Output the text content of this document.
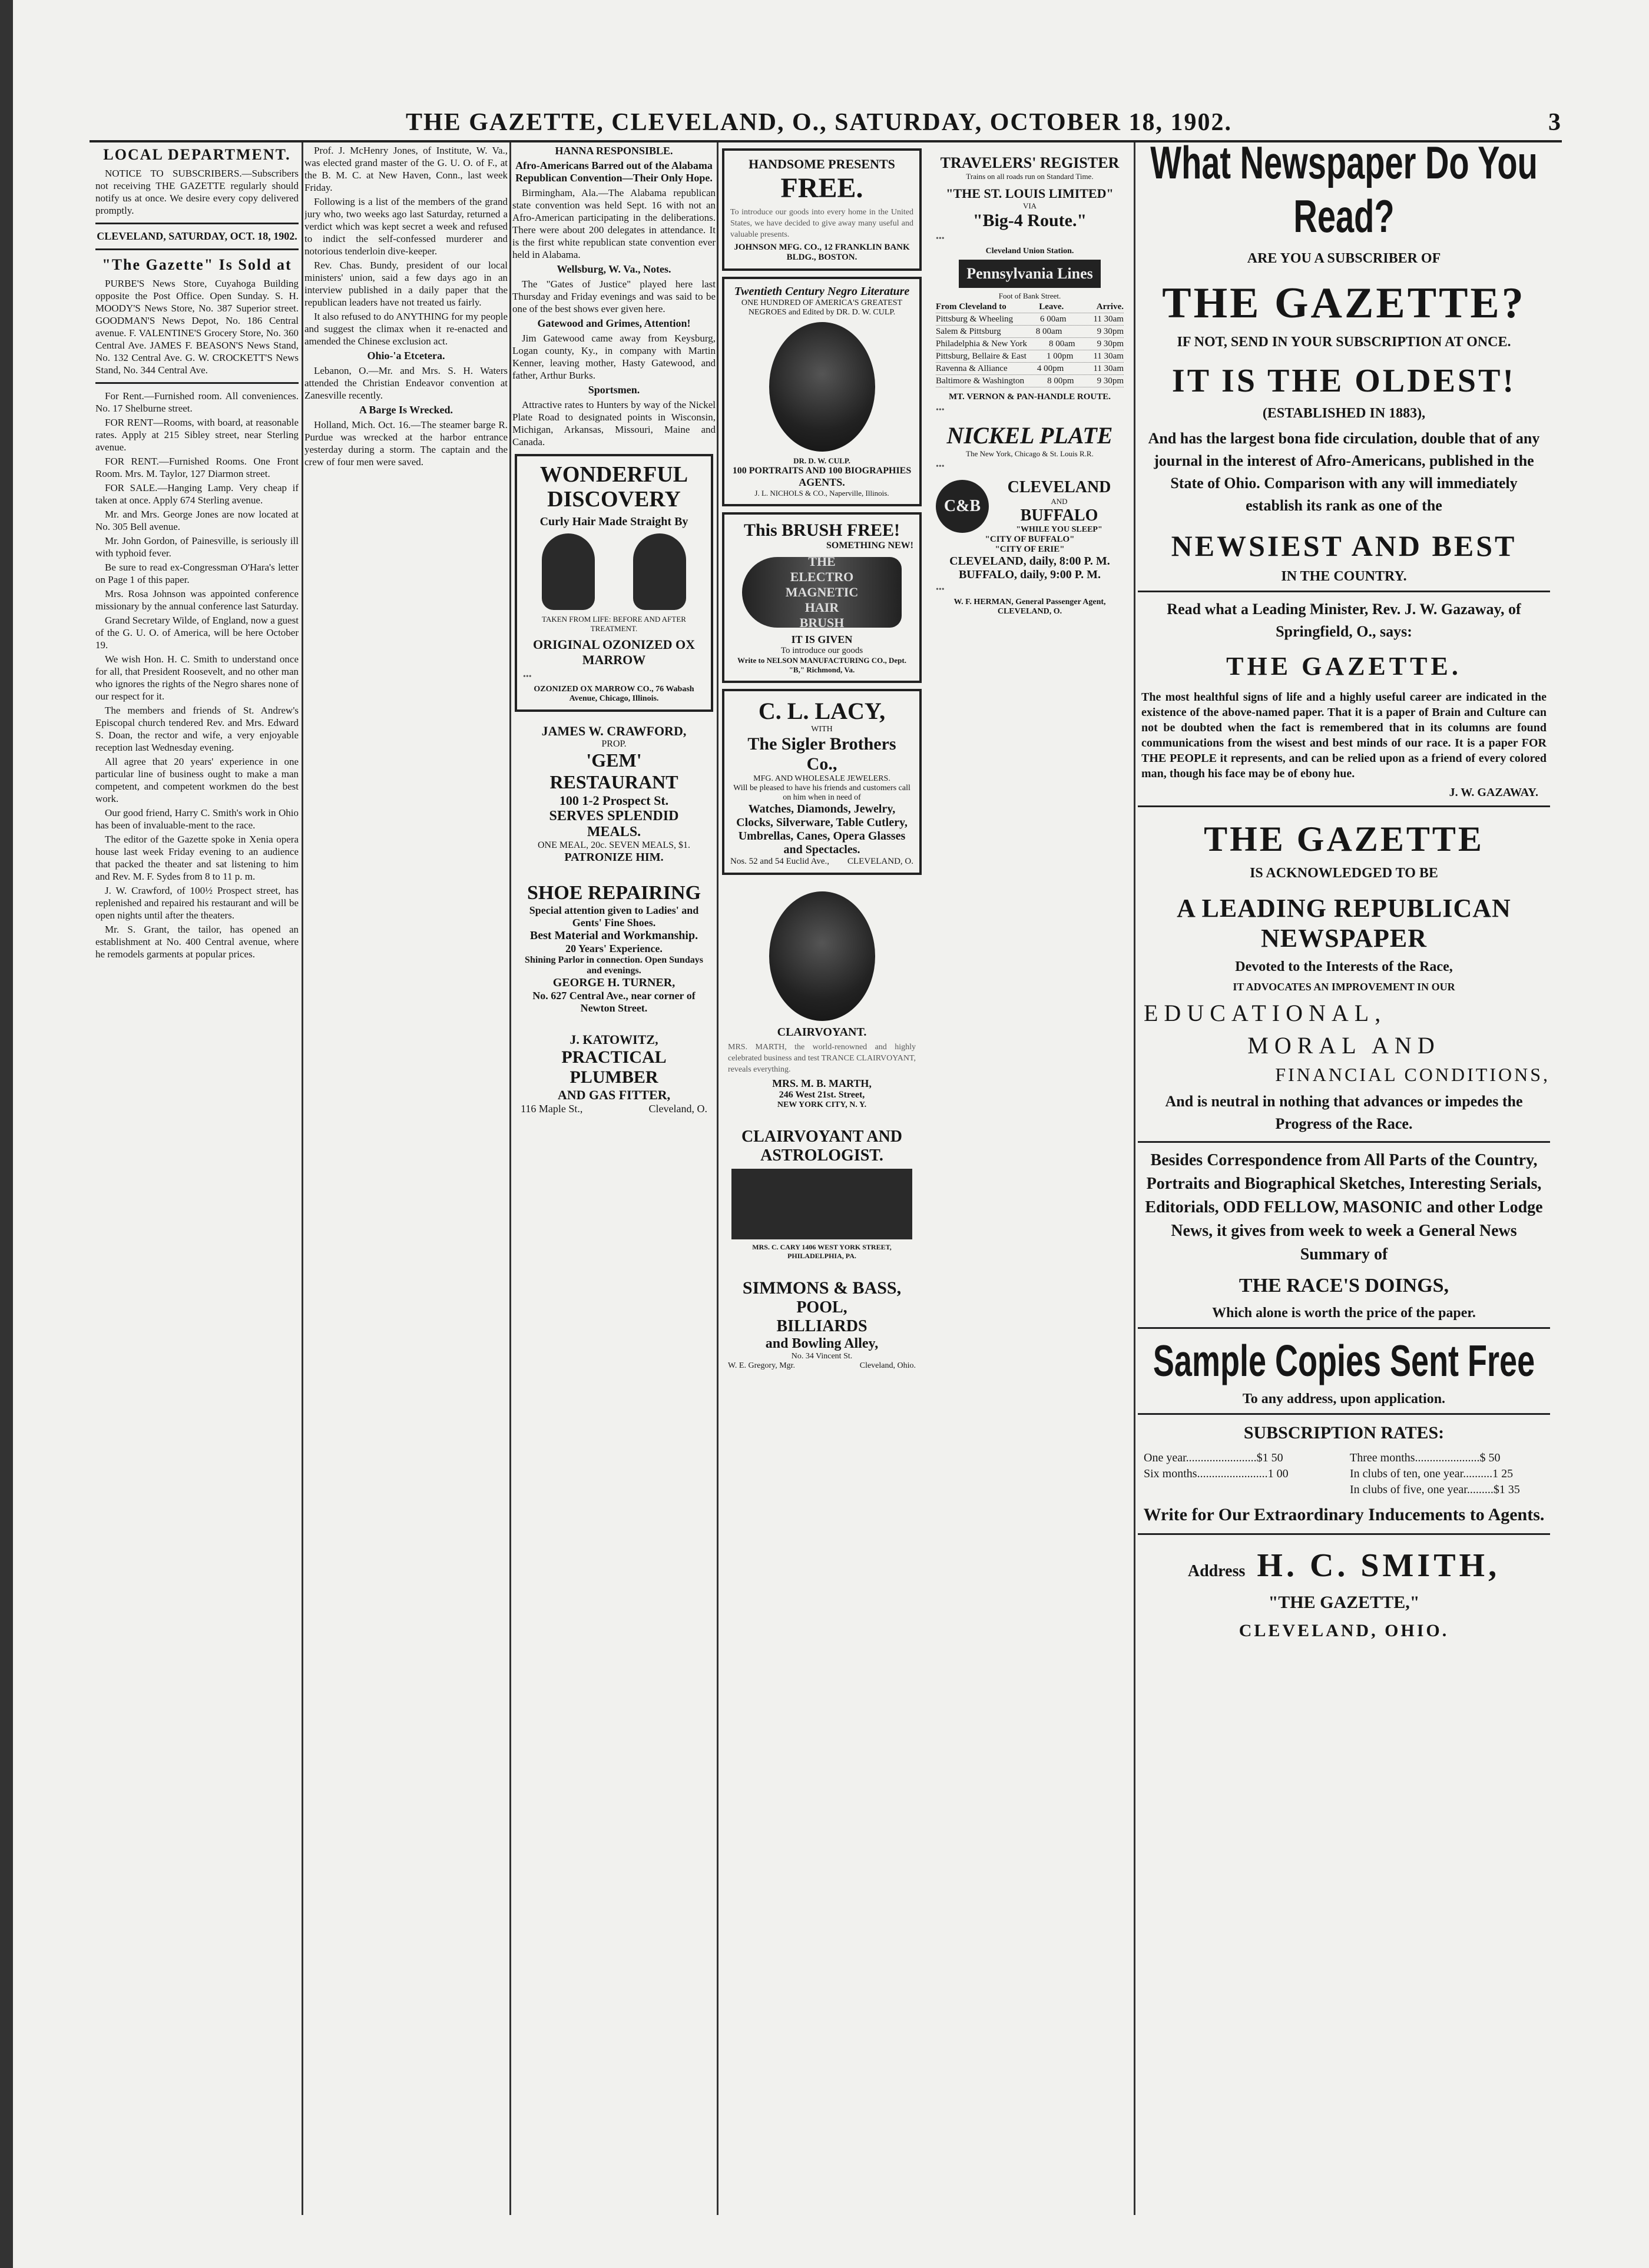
THE GAZETTE, CLEVELAND, O., SATURDAY, OCTOBER 18, 1902.	3
LOCAL DEPARTMENT.

NOTICE TO SUBSCRIBERS.—Subscribers not receiving THE GAZETTE regularly should notify us at once. We desire every copy delivered promptly.

CLEVELAND, SATURDAY, OCT. 18, 1902.
"The Gazette" Is Sold at

PURBE'S News Store, Cuyahoga Building opposite the Post Office. Open Sunday. S. H. MOODY'S News Store, No. 387 Superior street. GOODMAN'S News Depot, No. 186 Central avenue. F. VALENTINE'S Grocery Store, No. 360 Central Ave. JAMES F. BEASON'S News Stand, No. 132 Central Ave. G. W. CROCKETT'S News Stand, No. 344 Central Ave.

For Rent.—Furnished room. All conveniences. No. 17 Shelburne street.

FOR RENT—Rooms, with board, at reasonable rates. Apply at 215 Sibley street, near Sterling avenue.

FOR RENT.—Furnished Rooms. One Front Room. Mrs. M. Taylor, 127 Diarmon street.

FOR SALE.—Hanging Lamp. Very cheap if taken at once. Apply 674 Sterling avenue.

Mr. and Mrs. George Jones are now located at No. 305 Bell avenue.

Mr. John Gordon, of Painesville, is seriously ill with typhoid fever.

Be sure to read ex-Congressman O'Hara's letter on Page 1 of this paper.

Mrs. Rosa Johnson was appointed conference missionary by the annual conference last Saturday.

Grand Secretary Wilde, of England, now a guest of the G. U. O. of America, will be here October 19.

We wish Hon. H. C. Smith to understand once for all, that President Roosevelt, and no other man who ignores the rights of the Negro shares none of our respect for it.

The members and friends of St. Andrew's Episcopal church tendered Rev. and Mrs. Edward S. Doan, the rector and wife, a very enjoyable reception last Wednesday evening.

All agree that 20 years' experience in one particular line of business ought to make a man competent, and competent workmen do the best work.

Our good friend, Harry C. Smith's work in Ohio has been of invaluable-ment to the race.

The editor of the Gazette spoke in Xenia opera house last week Friday evening to an audience that packed the theater and sat listening to him and Rev. M. F. Sydes from 8 to 11 p. m.

J. W. Crawford, of 100½ Prospect street, has replenished and repaired his restaurant and will be open nights until after the theaters.

Mr. S. Grant, the tailor, has opened an establishment at No. 400 Central avenue, where he remodels garments at popular prices.

Prof. J. McHenry Jones, of Institute, W. Va., was elected grand master of the G. U. O. of F., at the B. M. C. at New Haven, Conn., last week Friday.

Following is a list of the members of the grand jury who, two weeks ago last Saturday, returned a verdict which was kept secret a week and refused to indict the self-confessed murderer and notorious tenderloin dive-keeper.

Rev. Chas. Bundy, president of our local ministers' union, said a few days ago in an interview published in a daily paper that the republican leaders have not treated us fairly.

It also refused to do ANYTHING for my people and suggest the climax when it re-enacted and amended the Chinese exclusion act.

Ohio-'a Etcetera.

Lebanon, O.—Mr. and Mrs. S. H. Waters attended the Christian Endeavor convention at Zanesville recently.

A Barge Is Wrecked.

Holland, Mich. Oct. 16.—The steamer barge R. Purdue was wrecked at the harbor entrance yesterday during a storm. The captain and the crew of four men were saved.

HANNA RESPONSIBLE.
Afro-Americans Barred out of the Alabama Republican Convention—Their Only Hope.

Birmingham, Ala.—The Alabama republican state convention was held Sept. 16 with not an Afro-American participating in the deliberations. There were about 200 delegates in attendance. It is the first white republican state convention ever held in Alabama.

Wellsburg, W. Va., Notes.

The "Gates of Justice" played here last Thursday and Friday evenings and was said to be one of the best shows ever given here.

Gatewood and Grimes, Attention!

Jim Gatewood came away from Keysburg, Logan county, Ky., in company with Martin Kenner, leaving mother, Hasty Gatewood, and father, Arthur Burks.

Sportsmen.

Attractive rates to Hunters by way of the Nickel Plate Road to designated points in Wisconsin, Michigan, Arkansas, Missouri, Maine and Canada.

WONDERFUL DISCOVERY
Curly Hair Made Straight By
TAKEN FROM LIFE: BEFORE AND AFTER TREATMENT.
ORIGINAL OZONIZED OX MARROW
•••
OZONIZED OX MARROW CO., 76 Wabash Avenue, Chicago, Illinois.
JAMES W. CRAWFORD,
PROP.
'GEM' RESTAURANT
100 1-2 Prospect St.
SERVES SPLENDID MEALS.
ONE MEAL, 20c. SEVEN MEALS, $1.
PATRONIZE HIM.
SHOE REPAIRING
Special attention given to Ladies' and Gents' Fine Shoes.
Best Material and Workmanship.
20 Years' Experience.
Shining Parlor in connection. Open Sundays and evenings.
GEORGE H. TURNER,
No. 627 Central Ave., near corner of Newton Street.
J. KATOWITZ,
PRACTICAL PLUMBER
AND GAS FITTER,
116 Maple St.,	Cleveland, O.
HANDSOME PRESENTS
FREE.
To introduce our goods into every home in the United States, we have decided to give away many useful and valuable presents.
JOHNSON MFG. CO., 12 FRANKLIN BANK BLDG., BOSTON.
Twentieth Century Negro Literature
ONE HUNDRED OF AMERICA'S GREATEST NEGROES and Edited by DR. D. W. CULP.
DR. D. W. CULP.
100 PORTRAITS AND 100 BIOGRAPHIES
AGENTS.
J. L. NICHOLS & CO., Naperville, Illinois.
This BRUSH FREE!
SOMETHING NEW!
THE ELECTRO MAGNETIC HAIR BRUSH
IT IS GIVEN
To introduce our goods
Write to NELSON MANUFACTURING CO., Dept. "B," Richmond, Va.
C. L. LACY,
WITH
The Sigler Brothers Co.,
MFG. AND WHOLESALE JEWELERS.
Will be pleased to have his friends and customers call on him when in need of
Watches, Diamonds, Jewelry, Clocks, Silverware, Table Cutlery, Umbrellas, Canes, Opera Glasses and Spectacles.
Nos. 52 and 54 Euclid Ave., CLEVELAND, O.
CLAIRVOYANT.
MRS. MARTH, the world-renowned and highly celebrated business and test TRANCE CLAIRVOYANT, reveals everything.
MRS. M. B. MARTH,
246 West 21st. Street,
NEW YORK CITY, N. Y.
CLAIRVOYANT AND ASTROLOGIST.
MRS. C. CARY 1406 WEST YORK STREET, PHILADELPHIA, PA.
SIMMONS & BASS,
POOL,
BILLIARDS
and Bowling Alley,
No. 34 Vincent St.
W. E. Gregory, Mgr.	Cleveland, Ohio.
TRAVELERS' REGISTER
Trains on all roads run on Standard Time.
"THE ST. LOUIS LIMITED"
VIA
"Big-4 Route."
•••
Cleveland Union Station.
Pennsylvania Lines
Foot of Bank Street.
From Cleveland to	Leave.	Arrive.
Pittsburg & Wheeling	6 00am	11 30am
Salem & Pittsburg	8 00am	9 30pm
Philadelphia & New York 8 00am 9 30pm
Pittsburg, Bellaire & East 1 00pm 11 30am
Ravenna & Alliance	4 00pm	11 30am
Baltimore & Washington	8 00pm	9 30pm
MT. VERNON & PAN-HANDLE ROUTE.
•••
NICKEL PLATE
The New York, Chicago & St. Louis R.R.
•••
C&B
CLEVELAND
AND
BUFFALO
"WHILE YOU SLEEP"
"CITY OF BUFFALO"
"CITY OF ERIE"
CLEVELAND, daily, 8:00 P. M.
BUFFALO, daily, 9:00 P. M.
•••
W. F. HERMAN, General Passenger Agent,
CLEVELAND, O.
What Newspaper Do You Read?
ARE YOU A SUBSCRIBER OF
THE GAZETTE?
IF NOT, SEND IN YOUR SUBSCRIPTION AT ONCE.
IT IS THE OLDEST!
(ESTABLISHED IN 1883),
And has the largest bona fide circulation, double that of any journal in the interest of Afro-Americans, published in the State of Ohio. Comparison with any will immediately establish its rank as one of the
NEWSIEST AND BEST
IN THE COUNTRY.
Read what a Leading Minister, Rev. J. W. Gazaway, of Springfield, O., says:
THE GAZETTE.
The most healthful signs of life and a highly useful career are indicated in the existence of the above-named paper. That it is a paper of Brain and Culture can not be doubted when the fact is remembered that in its columns are found communications from the wisest and best minds of our race. It is a paper FOR THE PEOPLE it represents, and can be relied upon as a friend of every colored man, though his face may be of ebony hue.
J. W. GAZAWAY.
THE GAZETTE
IS ACKNOWLEDGED TO BE
A LEADING REPUBLICAN NEWSPAPER
Devoted to the Interests of the Race,
IT ADVOCATES AN IMPROVEMENT IN OUR
EDUCATIONAL,
MORAL AND
FINANCIAL CONDITIONS,
And is neutral in nothing that advances or impedes the Progress of the Race.
Besides Correspondence from All Parts of the Country, Portraits and Biographical Sketches, Interesting Serials, Editorials, ODD FELLOW, MASONIC and other Lodge News, it gives from week to week a General News Summary of
THE RACE'S DOINGS,
Which alone is worth the price of the paper.
Sample Copies Sent Free
To any address, upon application.
SUBSCRIPTION RATES:
One year........................$1 50	Three months......................$ 50
Six months........................1 00	In clubs of ten, one year..........1 25
In clubs of five, one year.........$1 35
Write for Our Extraordinary Inducements to Agents.
Address H. C. SMITH,
"THE GAZETTE,"
CLEVELAND, OHIO.
